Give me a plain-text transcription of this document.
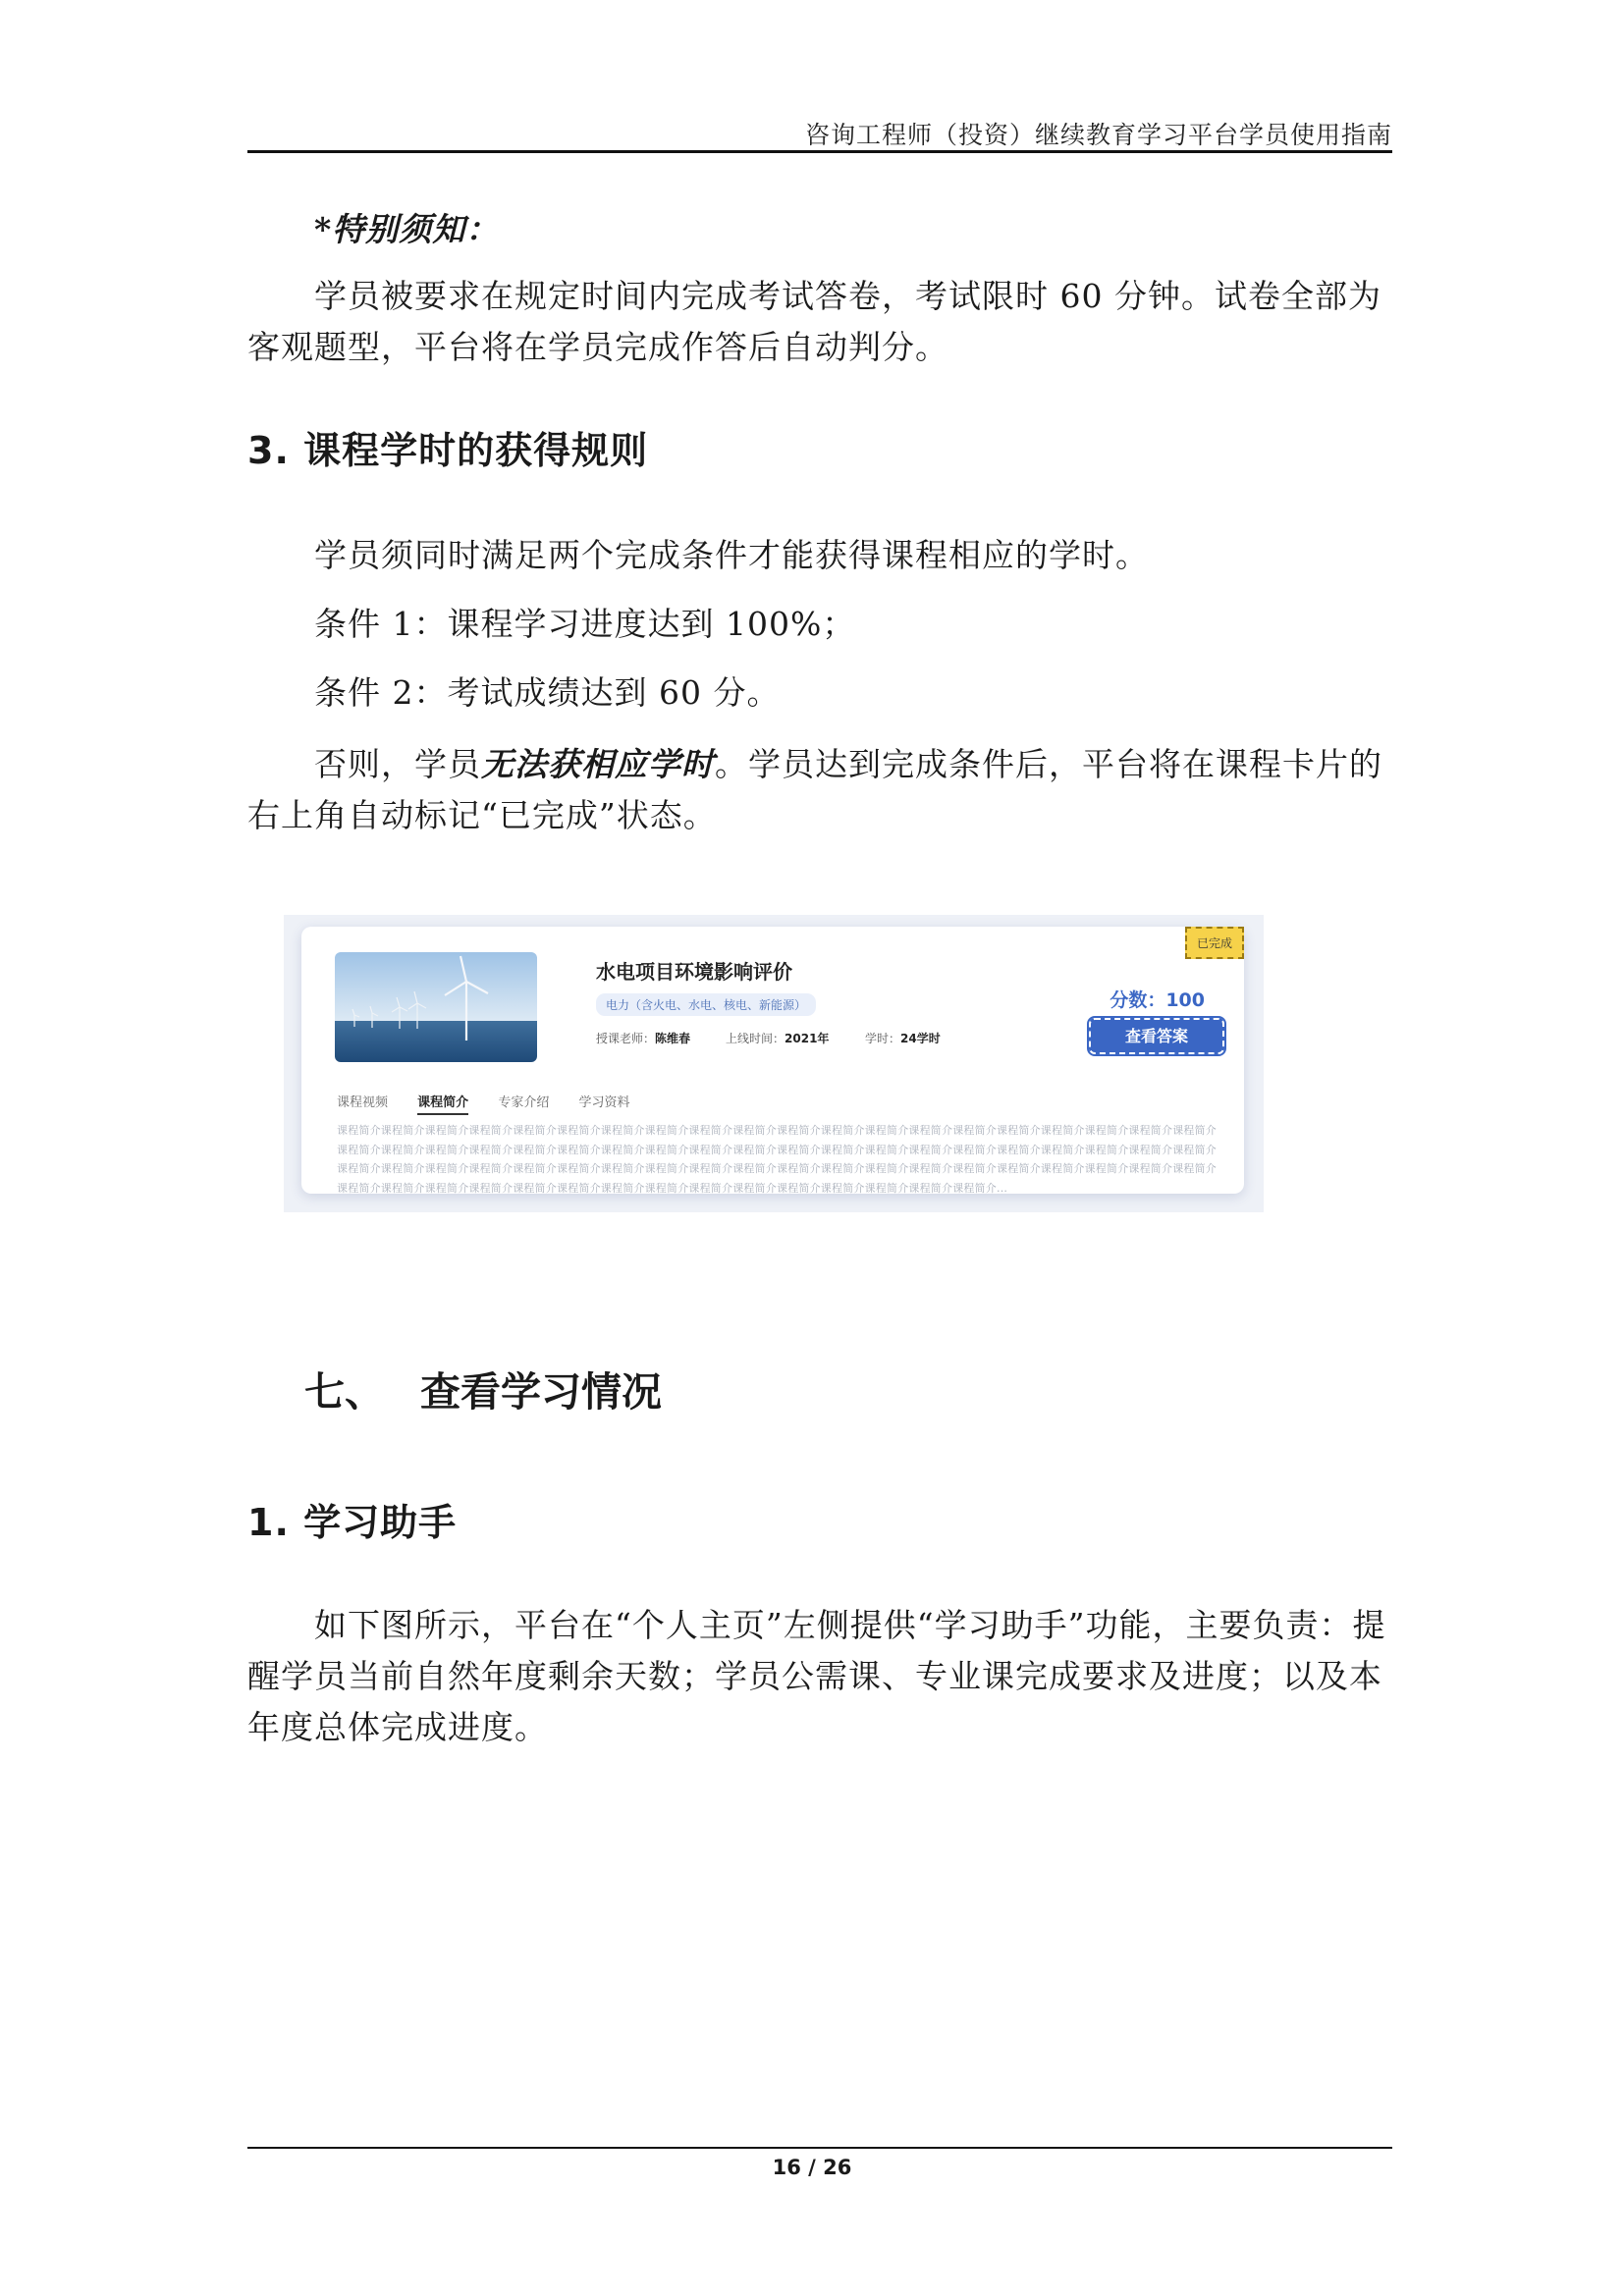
咨询工程师（投资）继续教育学习平台学员使用指南
*特别须知：
学员被要求在规定时间内完成考试答卷，考试限时 60 分钟。试卷全部为客观题型，平台将在学员完成作答后自动判分。
3. 课程学时的获得规则
学员须同时满足两个完成条件才能获得课程相应的学时。
条件 1：课程学习进度达到 100%；
条件 2：考试成绩达到 60 分。
否则，学员无法获相应学时。学员达到完成条件后，平台将在课程卡片的右上角自动标记“已完成”状态。
水电项目环境影响评价
电力（含火电、水电、核电、新能源）
授课老师：陈维春	上线时间：2021年	学时：24学时
已完成
分数：100
查看答案
课程视频 课程简介 专家介绍 学习资料
课程简介课程简介课程简介课程简介课程简介课程简介课程简介课程简介课程简介课程简介课程简介课程简介课程简介课程简介课程简介课程简介课程简介课程简介课程简介课程简介课程简介课程简介课程简介课程简介课程简介课程简介课程简介课程简介课程简介课程简介课程简介课程简介课程简介课程简介课程简介课程简介课程简介课程简介课程简介课程简介课程简介课程简介课程简介课程简介课程简介课程简介课程简介课程简介课程简介课程简介课程简介课程简介课程简介课程简介课程简介课程简介课程简介课程简介课程简介课程简介课程简介课程简介课程简介课程简介课程简介课程简介课程简介课程简介课程简介课程简介课程简介课程简介课程简介课程简介课程简介...
七、 查看学习情况
1. 学习助手
如下图所示，平台在“个人主页”左侧提供“学习助手”功能，主要负责：提醒学员当前自然年度剩余天数；学员公需课、专业课完成要求及进度；以及本年度总体完成进度。
16 / 26
